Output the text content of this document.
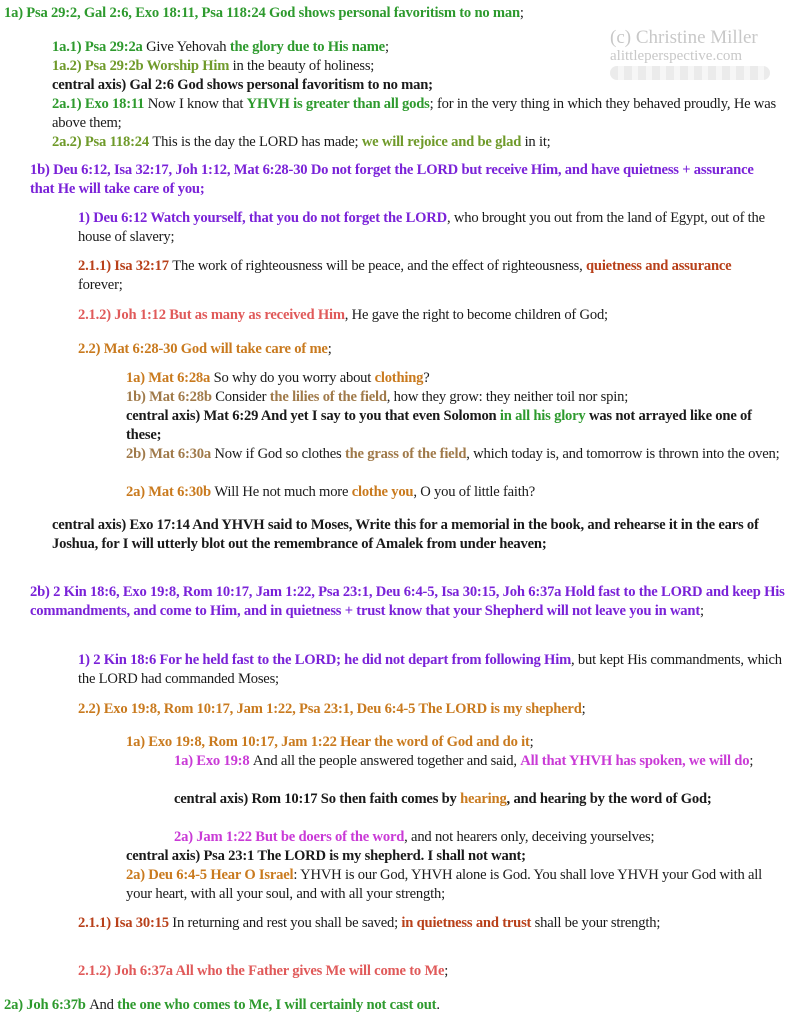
(c) Christine Miller
alittleperspective.com

1a) Psa 29:2, Gal 2:6, Exo 18:11, Psa 118:24 God shows personal favoritism to no man;

1a.1) Psa 29:2a Give Yehovah the glory due to His name;

1a.2) Psa 29:2b Worship Him in the beauty of holiness;

central axis) Gal 2:6 God shows personal favoritism to no man;

2a.1) Exo 18:11 Now I know that YHVH is greater than all gods; for in the very thing in which they behaved proudly, He was above them;

2a.2) Psa 118:24 This is the day the LORD has made; we will rejoice and be glad in it;

1b) Deu 6:12, Isa 32:17, Joh 1:12, Mat 6:28-30 Do not forget the LORD but receive Him, and have quietness + assurance that He will take care of you;

1) Deu 6:12 Watch yourself, that you do not forget the LORD, who brought you out from the land of Egypt, out of the house of slavery;

2.1.1) Isa 32:17 The work of righteousness will be peace, and the effect of righteousness, quietness and assurance forever;

2.1.2) Joh 1:12 But as many as received Him, He gave the right to become children of God;

2.2) Mat 6:28-30 God will take care of me;

1a) Mat 6:28a So why do you worry about clothing?

1b) Mat 6:28b Consider the lilies of the field, how they grow: they neither toil nor spin;

central axis) Mat 6:29 And yet I say to you that even Solomon in all his glory was not arrayed like one of these;

2b) Mat 6:30a Now if God so clothes the grass of the field, which today is, and tomorrow is thrown into the oven;

2a) Mat 6:30b Will He not much more clothe you, O you of little faith?

central axis) Exo 17:14 And YHVH said to Moses, Write this for a memorial in the book, and rehearse it in the ears of Joshua, for I will utterly blot out the remembrance of Amalek from under heaven;

2b) 2 Kin 18:6, Exo 19:8, Rom 10:17, Jam 1:22, Psa 23:1, Deu 6:4-5, Isa 30:15, Joh 6:37a Hold fast to the LORD and keep His commandments, and come to Him, and in quietness + trust know that your Shepherd will not leave you in want;

1) 2 Kin 18:6 For he held fast to the LORD; he did not depart from following Him, but kept His commandments, which the LORD had commanded Moses;

2.2) Exo 19:8, Rom 10:17, Jam 1:22, Psa 23:1, Deu 6:4-5 The LORD is my shepherd;

1a) Exo 19:8, Rom 10:17, Jam 1:22 Hear the word of God and do it;

1a) Exo 19:8 And all the people answered together and said, All that YHVH has spoken, we will do;

central axis) Rom 10:17 So then faith comes by hearing, and hearing by the word of God;

2a) Jam 1:22 But be doers of the word, and not hearers only, deceiving yourselves;

central axis) Psa 23:1 The LORD is my shepherd. I shall not want;

2a) Deu 6:4-5 Hear O Israel: YHVH is our God, YHVH alone is God. You shall love YHVH your God with all your heart, with all your soul, and with all your strength;

2.1.1) Isa 30:15 In returning and rest you shall be saved; in quietness and trust shall be your strength;

2.1.2) Joh 6:37a All who the Father gives Me will come to Me;

2a) Joh 6:37b And the one who comes to Me, I will certainly not cast out.
